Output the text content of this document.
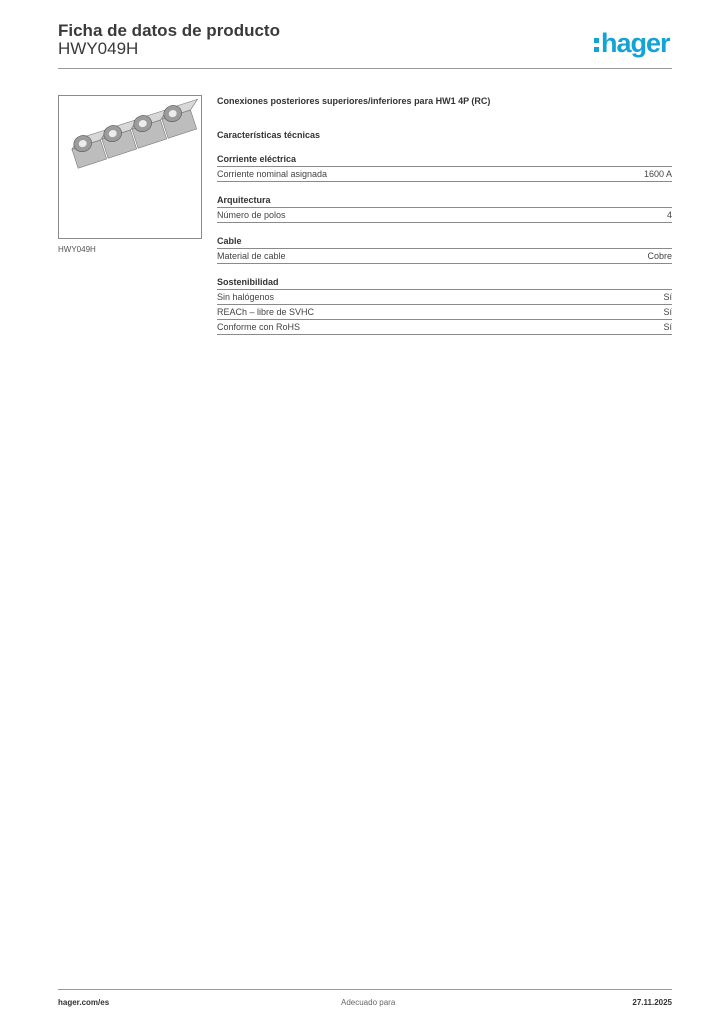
Ficha de datos de producto
HWY049H	hager
HWY049H
Conexiones posteriores superiores/inferiores para HW1 4P (RC)
Características técnicas
Corriente eléctrica
Corriente nominal asignada	1600 A
Arquitectura
Número de polos	4
Cable
Material de cable	Cobre
Sostenibilidad
Sin halógenos	Sí
REACh – libre de SVHC	Sí
Conforme con RoHS	Sí
hager.com/es	Adecuado para	27.11.2025
